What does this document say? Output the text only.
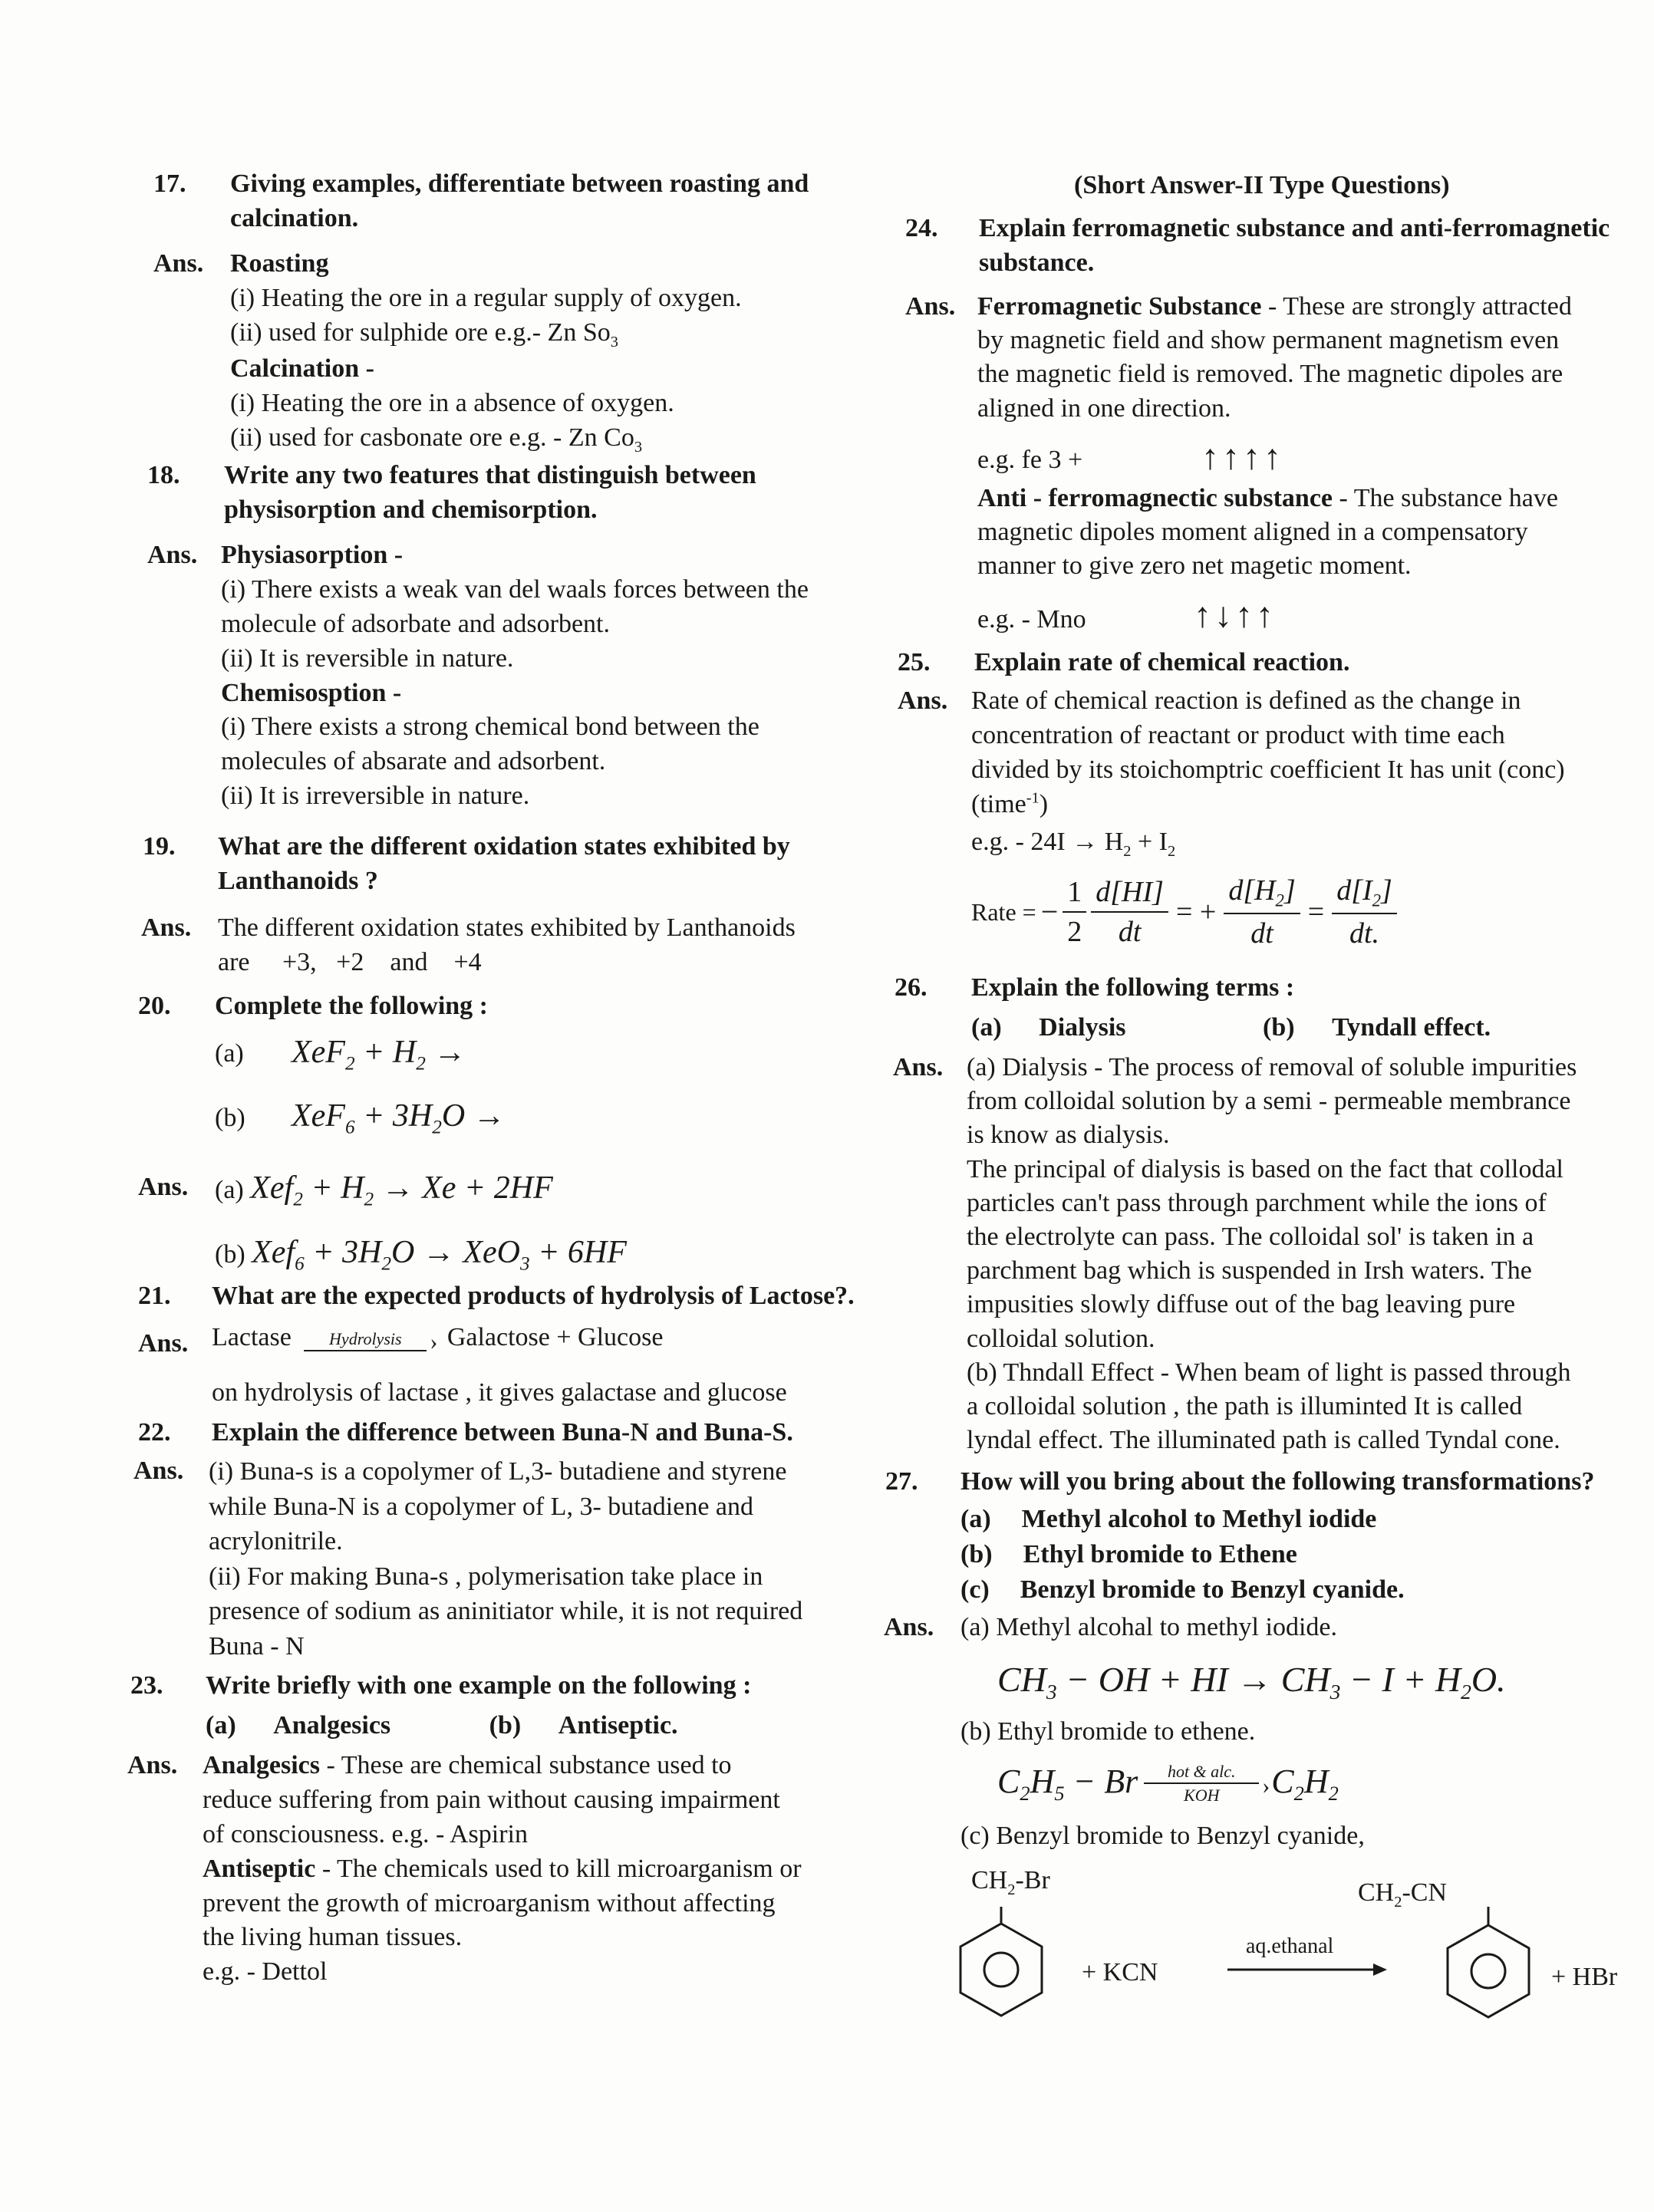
17. Giving examples, differentiate between roasting and
calcination.
Ans. Roasting
(i) Heating the ore in a regular supply of oxygen.
(ii) used for sulphide ore e.g.- Zn $So_3$
Calcination -
(i) Heating the ore in a absence of oxygen.
(ii) used for casbonate ore e.g. - Zn $Co_3$
18. Write any two features that distinguish between
physisorption and chemisorption.
Ans. Physiasorption -
(i) There exists a weak van del waals forces between the
molecule of adsorbate and adsorbent.
(ii) It is reversible in nature.
Chemisosption -
(i) There exists a strong chemical bond between the
molecules of absarate and adsorbent.
(ii) It is irreversible in nature.
19. What are the different oxidation states exhibited by
Lanthanoids ?
Ans. The different oxidation states exhibited by Lanthanoids
are     +3,   +2    and    +4
20. Complete the following :
(a) $XeF_2 + H_2$ →
(b) $XeF_6 + 3H_2O$ →
Ans. (a) $Xef_2 + H_2 \to Xe + 2HF$
(b) $Xef_6 + 3H_2O \to XeO_3 + 6HF$
21. What are the expected products of hydrolysis of Lactose?.
Ans. Lactase	Hydrolysis	› Galactose + Glucose
on hydrolysis of lactase , it gives galactase and glucose
22. Explain the difference between Buna-N and Buna-S.
Ans. (i) Buna-s is a copolymer of L,3- butadiene and styrene
while Buna-N is a copolymer of L, 3- butadiene and
acrylonitrile.
(ii) For making Buna-s , polymerisation take place in
presence of sodium as aninitiator while, it is not required
Buna - N
23. Write briefly with one example on the following :
(a) Analgesics	(b) Antiseptic.
Ans. Analgesics - These are chemical substance used to
reduce suffering from pain without causing impairment
of consciousness. e.g. - Aspirin
Antiseptic - The chemicals used to kill microarganism or
prevent the growth of microarganism without affecting
the living human tissues.
e.g. - Dettol
(Short Answer-II Type Questions)
24. Explain ferromagnetic substance and anti-ferromagnetic
substance.
Ans. Ferromagnetic Substance - These are strongly attracted
by magnetic field and show permanent magnetism even
the magnetic field is removed. The magnetic dipoles are
aligned in one direction.
e.g. fe 3 +	↑↑↑↑
Anti - ferromagnectic substance - The substance have
magnetic dipoles moment aligned in a compensatory
manner to give zero net magetic moment.
e.g. - Mno	↑↓↑↑
25. Explain rate of chemical reaction.
Ans. Rate of chemical reaction is defined as the change in
concentration of reactant or product with time each
divided by its stoichomptric coefficient It has unit (conc)
(time$^{-1}$)
e.g. - $24I \to H_2 + I_2$
Rate = − $\frac{1}{2} \frac{d[HI]}{dt}$ = + $\frac{d[H_2]}{dt} = \frac{d[I_2]}{dt.}$
26. Explain the following terms :
(a) Dialysis	(b) Tyndall effect.
Ans. (a) Dialysis - The process of removal of soluble impurities
from colloidal solution by a semi - permeable membrance
is know as dialysis.
The principal of dialysis is based on the fact that collodal
particles can't pass through parchment while the ions of
the electrolyte can pass. The colloidal sol' is taken in a
parchment bag which is suspended in Irsh waters. The
impusities slowly diffuse out of the bag leaving pure
colloidal solution.
(b) Thndall Effect - When beam of light is passed through
a colloidal solution , the path is illuminted It is called
lyndal effect. The illuminated path is called Tyndal cone.
27. How will you bring about the following transformations?
(a) Methyl alcohol to Methyl iodide
(b) Ethyl bromide to Ethene
(c) Benzyl bromide to Benzyl cyanide.
Ans. (a) Methyl alcohal to methyl iodide.
$CH_3$ − OH + HI → $CH_3 - I + H_2O$.
(b) Ethyl bromide to ethene.
$C_2H_5 - Br$	hot & alc.
›
KOH	$C_2H_2$
(c) Benzyl bromide to Benzyl cyanide,
$CH_2-Br$	$CH_2-CN$
+ KCN
aq.ethanal
+ HBr
